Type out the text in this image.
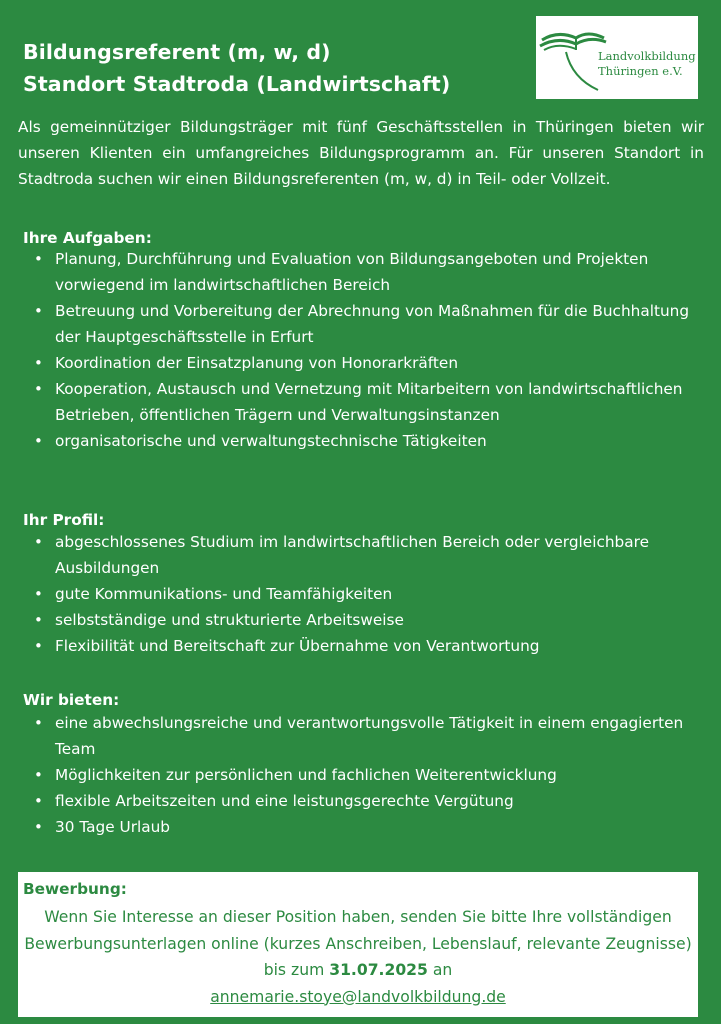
Bildungsreferent (m, w, d)
Standort Stadtroda (Landwirtschaft)
Landvolkbildung
Thüringen e.V.
Als gemeinnütziger Bildungsträger mit fünf Geschäftsstellen in Thüringen bieten wir unseren Klienten ein umfangreiches Bildungsprogramm an. Für unseren Standort in Stadtroda suchen wir einen Bildungsreferenten (m, w, d) in Teil- oder Vollzeit.
Ihre Aufgaben:
• Planung, Durchführung und Evaluation von Bildungsangeboten und Projekten vorwiegend im landwirtschaftlichen Bereich
• Betreuung und Vorbereitung der Abrechnung von Maßnahmen für die Buchhaltung der Hauptgeschäftsstelle in Erfurt
• Koordination der Einsatzplanung von Honorarkräften
• Kooperation, Austausch und Vernetzung mit Mitarbeitern von landwirtschaftlichen Betrieben, öffentlichen Trägern und Verwaltungsinstanzen
• organisatorische und verwaltungstechnische Tätigkeiten
Ihr Profil:
• abgeschlossenes Studium im landwirtschaftlichen Bereich oder vergleichbare Ausbildungen
• gute Kommunikations- und Teamfähigkeiten
• selbstständige und strukturierte Arbeitsweise
• Flexibilität und Bereitschaft zur Übernahme von Verantwortung
Wir bieten:
• eine abwechslungsreiche und verantwortungsvolle Tätigkeit in einem engagierten Team
• Möglichkeiten zur persönlichen und fachlichen Weiterentwicklung
• flexible Arbeitszeiten und eine leistungsgerechte Vergütung
• 30 Tage Urlaub
Bewerbung:
Wenn Sie Interesse an dieser Position haben, senden Sie bitte Ihre vollständigen Bewerbungsunterlagen online (kurzes Anschreiben, Lebenslauf, relevante Zeugnisse) bis zum 31.07.2025 an
annemarie.stoye@landvolkbildung.de
